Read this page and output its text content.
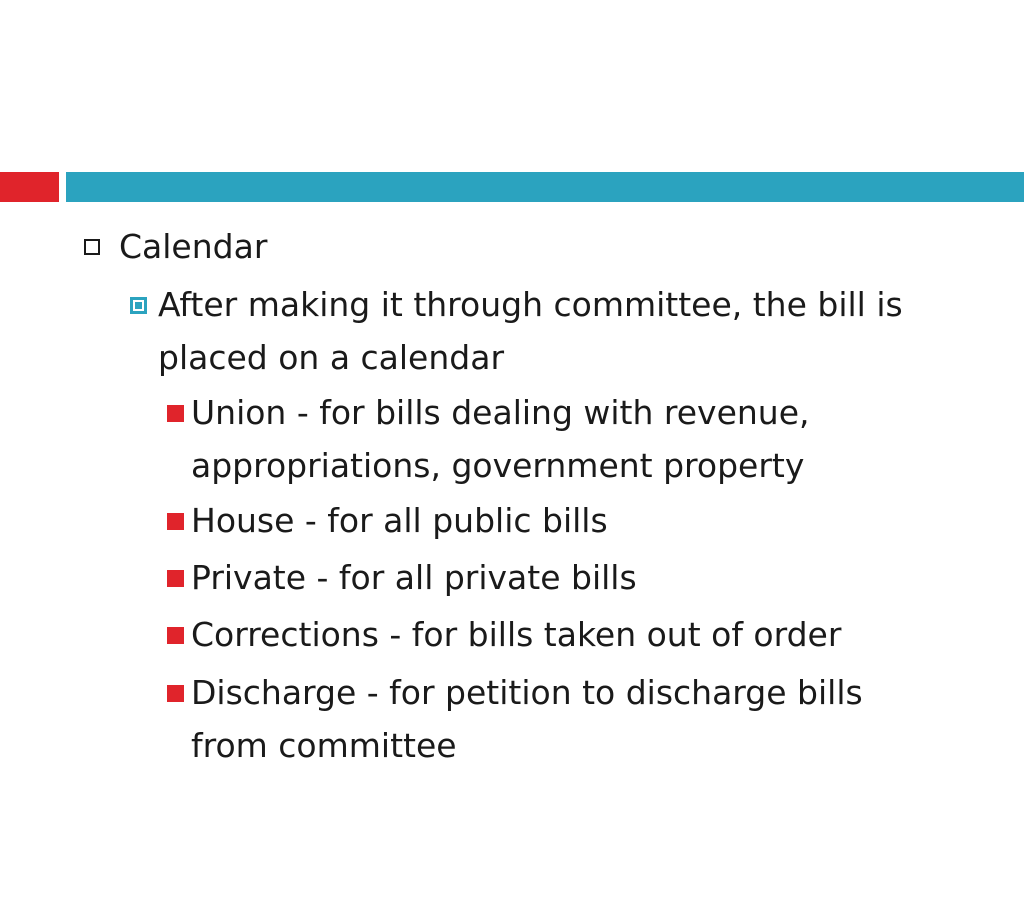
Calendar
After making it through committee, the bill is
placed on a calendar
Union - for bills dealing with revenue,
appropriations, government property
House - for all public bills
Private - for all private bills
Corrections - for bills taken out of order
Discharge - for petition to discharge bills
from committee
